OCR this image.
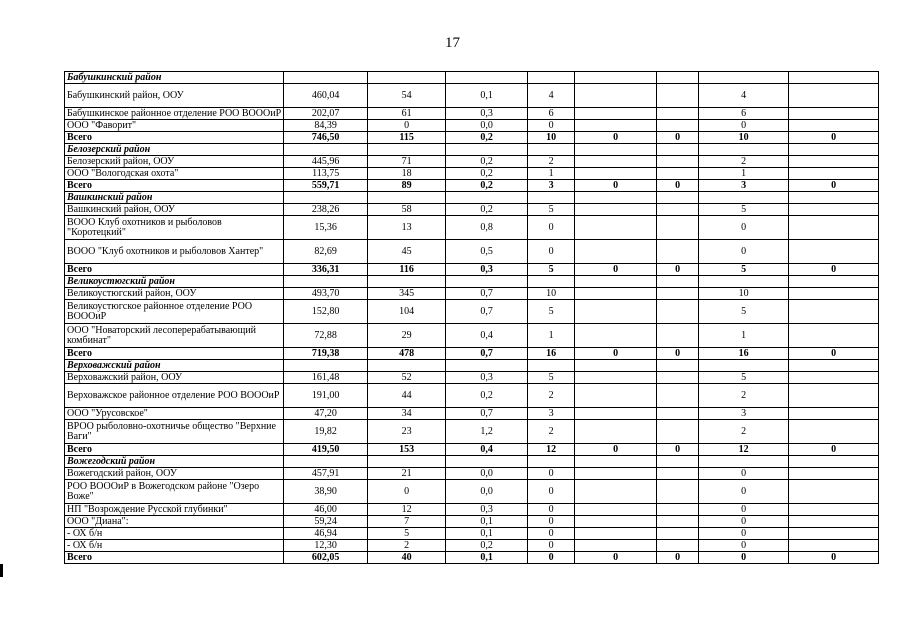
17
Бабушкинский район								
Бабушкинский район, ООУ	460,04	54	0,1	4			4	
Бабушкинское районное отделение РОО ВОООиР	202,07	61	0,3	6			6	
ООО "Фаворит"	84,39	0	0,0	0			0	
Всего	746,50	115	0,2	10	0	0	10	0
Белозерский район								
Белозерский район, ООУ	445,96	71	0,2	2			2	
ООО "Вологодская охота"	113,75	18	0,2	1			1	
Всего	559,71	89	0,2	3	0	0	3	0
Вашкинский район								
Вашкинский район, ООУ	238,26	58	0,2	5			5	
ВООО Клуб охотников и рыболовов "Коротецкий"	15,36	13	0,8	0			0	
ВООО "Клуб охотников и рыболовов Хантер"	82,69	45	0,5	0			0	
Всего	336,31	116	0,3	5	0	0	5	0
Великоустюгский район								
Великоустюгский район, ООУ	493,70	345	0,7	10			10	
Великоустюгское районное отделение РОО ВОООиР	152,80	104	0,7	5			5	
ООО "Новаторский лесоперерабатывающий комбинат"	72,88	29	0,4	1			1	
Всего	719,38	478	0,7	16	0	0	16	0
Верховажский район								
Верховажский район, ООУ	161,48	52	0,3	5			5	
Верховажское районное отделение РОО ВОООиР	191,00	44	0,2	2			2	
ООО "Урусовское"	47,20	34	0,7	3			3	
ВРОО рыболовно-охотничье общество "Верхние Ваги"	19,82	23	1,2	2			2	
Всего	419,50	153	0,4	12	0	0	12	0
Вожегодский район								
Вожегодский район, ООУ	457,91	21	0,0	0			0	
РОО ВОООиР в Вожегодском районе "Озеро Воже"	38,90	0	0,0	0			0	
НП "Возрождение Русской глубинки"	46,00	12	0,3	0			0	
ООО "Диана":	59,24	7	0,1	0			0	
- ОХ б/н	46,94	5	0,1	0			0	
- ОХ б/н	12,30	2	0,2	0			0	
Всего	602,05	40	0,1	0	0	0	0	0
